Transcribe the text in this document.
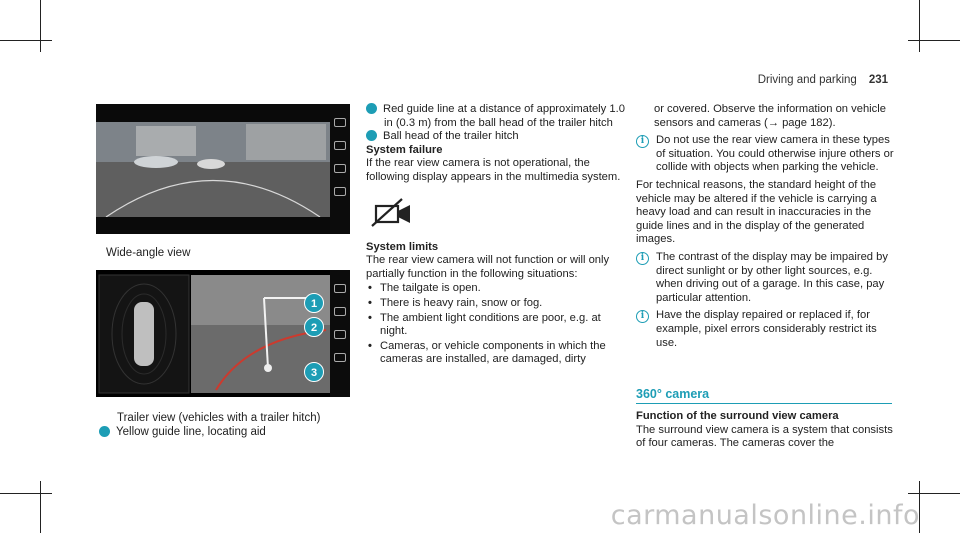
Driving and parking 231
Wide-angle view
1
2
3
Trailer view (vehicles with a trailer hitch)
1 Yellow guide line, locating aid

2 Red guide line at a distance of approximately 1.0 in (0.3 m) from the ball head of the trailer hitch

3 Ball head of the trailer hitch

System failure

If the rear view camera is not operational, the following display appears in the multimedia system.

System limits

The rear view camera will not function or will only partially function in the following situations:

• The tailgate is open.
• There is heavy rain, snow or fog.
• The ambient light conditions are poor, e.g. at night.
• Cameras, or vehicle components in which the cameras are installed, are damaged, dirty

or covered. Observe the information on vehicle sensors and cameras (→ page 182).

i	Do not use the rear view camera in these types of situation. You could otherwise injure others or collide with objects when parking the vehicle.

For technical reasons, the standard height of the vehicle may be altered if the vehicle is carrying a heavy load and can result in inaccuracies in the guide lines and in the display of the generated images.

i	The contrast of the display may be impaired by direct sunlight or by other light sources, e.g. when driving out of a garage. In this case, pay particular attention.
i	Have the display repaired or replaced if, for example, pixel errors considerably restrict its use.
360° camera

Function of the surround view camera

The surround view camera is a system that consists of four cameras. The cameras cover the

carmanualsonline.info
